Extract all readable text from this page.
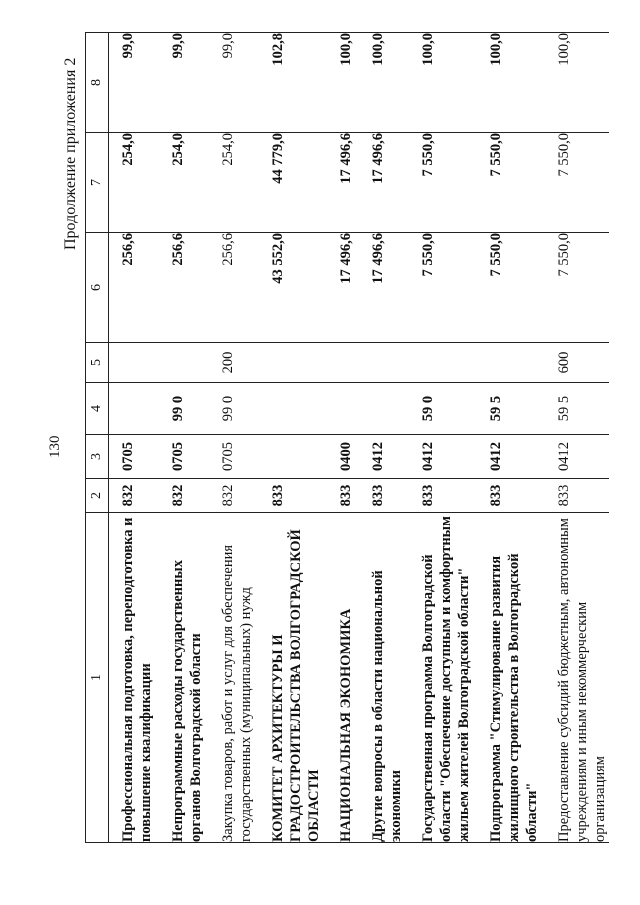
130
Продолжение приложения 2
1	2	3	4	5	6	7	8
Профессиональная подготовка, переподготовка и повышение квалификации	832	0705			256,6	254,0	99,0
Непрограммные расходы государственных органов Волгоградской области	832	0705	99 0		256,6	254,0	99,0
Закупка товаров, работ и услуг для обеспечения государственных (муниципальных) нужд	832	0705	99 0	200	256,6	254,0	99,0
КОМИТЕТ АРХИТЕКТУРЫ И ГРАДОСТРОИТЕЛЬСТВА ВОЛГОГРАДСКОЙ ОБЛАСТИ	833				43 552,0	44 779,0	102,8
НАЦИОНАЛЬНАЯ ЭКОНОМИКА	833	0400			17 496,6	17 496,6	100,0
Другие вопросы в области национальной экономики	833	0412			17 496,6	17 496,6	100,0
Государственная программа Волгоградской области "Обеспечение доступным и комфортным жильем жителей Волгоградской области"	833	0412	59 0		7 550,0	7 550,0	100,0
Подпрограмма "Стимулирование развития жилищного строительства в Волгоградской области"	833	0412	59 5		7 550,0	7 550,0	100,0
Предоставление субсидий бюджетным, автономным учреждениям и иным некоммерческим организациям	833	0412	59 5	600	7 550,0	7 550,0	100,0
